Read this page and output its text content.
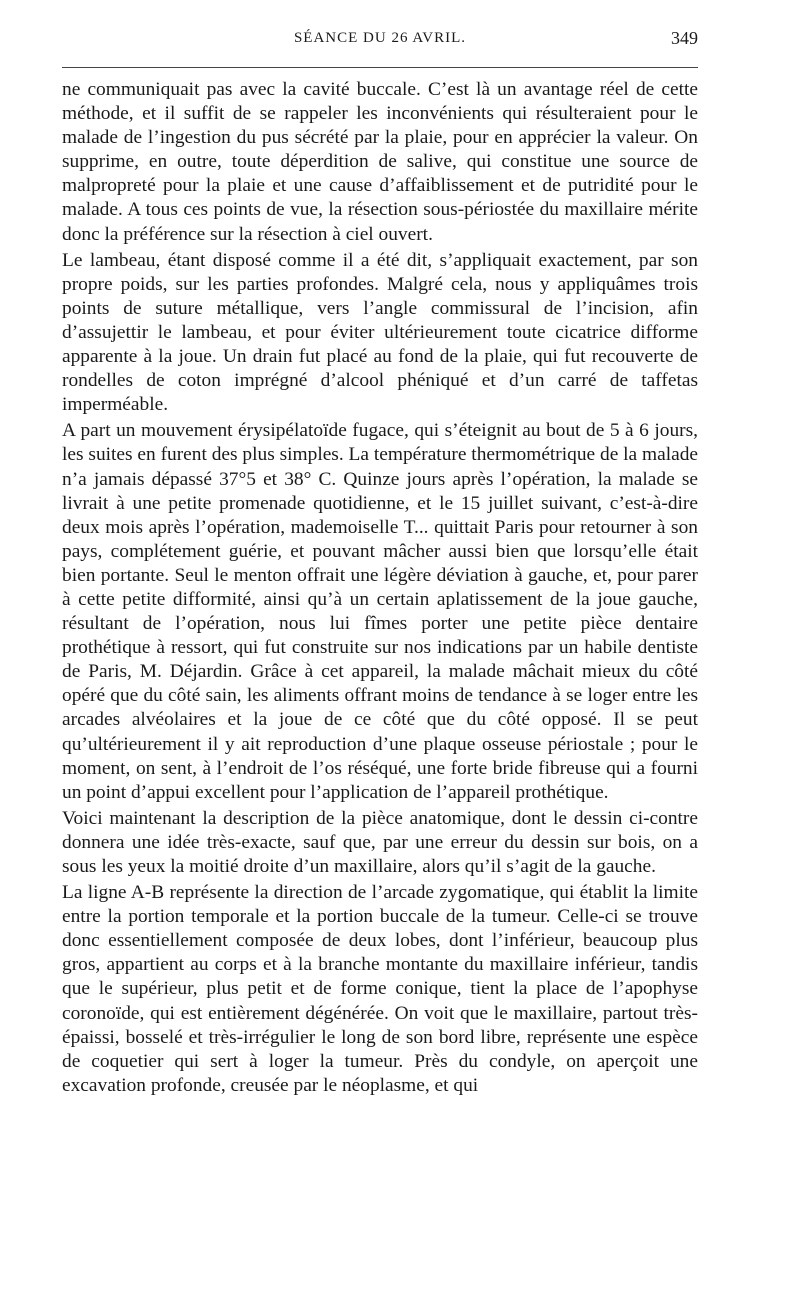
SÉANCE DU 26 AVRIL.	349

ne communiquait pas avec la cavité buccale. C’est là un avantage réel de cette méthode, et il suffit de se rappeler les inconvénients qui résulteraient pour le malade de l’ingestion du pus sécrété par la plaie, pour en apprécier la valeur. On supprime, en outre, toute déperdition de salive, qui constitue une source de malpropreté pour la plaie et une cause d’affaiblissement et de putridité pour le malade. A tous ces points de vue, la résection sous-périostée du maxillaire mérite donc la préférence sur la résection à ciel ouvert.

Le lambeau, étant disposé comme il a été dit, s’appliquait exactement, par son propre poids, sur les parties profondes. Malgré cela, nous y appliquâmes trois points de suture métallique, vers l’angle commissural de l’incision, afin d’assujettir le lambeau, et pour éviter ultérieurement toute cicatrice difforme apparente à la joue. Un drain fut placé au fond de la plaie, qui fut recouverte de rondelles de coton imprégné d’alcool phéniqué et d’un carré de taffetas imperméable.

A part un mouvement érysipélatoïde fugace, qui s’éteignit au bout de 5 à 6 jours, les suites en furent des plus simples. La température thermométrique de la malade n’a jamais dépassé 37°5 et 38° C. Quinze jours après l’opération, la malade se livrait à une petite promenade quotidienne, et le 15 juillet suivant, c’est-à-dire deux mois après l’opération, mademoiselle T... quittait Paris pour retourner à son pays, complétement guérie, et pouvant mâcher aussi bien que lorsqu’elle était bien portante. Seul le menton offrait une légère déviation à gauche, et, pour parer à cette petite difformité, ainsi qu’à un certain aplatissement de la joue gauche, résultant de l’opération, nous lui fîmes porter une petite pièce dentaire prothétique à ressort, qui fut construite sur nos indications par un habile dentiste de Paris, M. Déjardin. Grâce à cet appareil, la malade mâchait mieux du côté opéré que du côté sain, les aliments offrant moins de tendance à se loger entre les arcades alvéolaires et la joue de ce côté que du côté opposé. Il se peut qu’ultérieurement il y ait reproduction d’une plaque osseuse périostale ; pour le moment, on sent, à l’endroit de l’os réséqué, une forte bride fibreuse qui a fourni un point d’appui excellent pour l’application de l’appareil prothétique.

Voici maintenant la description de la pièce anatomique, dont le dessin ci-contre donnera une idée très-exacte, sauf que, par une erreur du dessin sur bois, on a sous les yeux la moitié droite d’un maxillaire, alors qu’il s’agit de la gauche.

La ligne A-B représente la direction de l’arcade zygomatique, qui établit la limite entre la portion temporale et la portion buccale de la tumeur. Celle-ci se trouve donc essentiellement composée de deux lobes, dont l’inférieur, beaucoup plus gros, appartient au corps et à la branche montante du maxillaire inférieur, tandis que le supérieur, plus petit et de forme conique, tient la place de l’apophyse coronoïde, qui est entièrement dégénérée. On voit que le maxillaire, partout très-épaissi, bosselé et très-irrégulier le long de son bord libre, représente une espèce de coquetier qui sert à loger la tumeur. Près du condyle, on aperçoit une excavation profonde, creusée par le néoplasme, et qui
